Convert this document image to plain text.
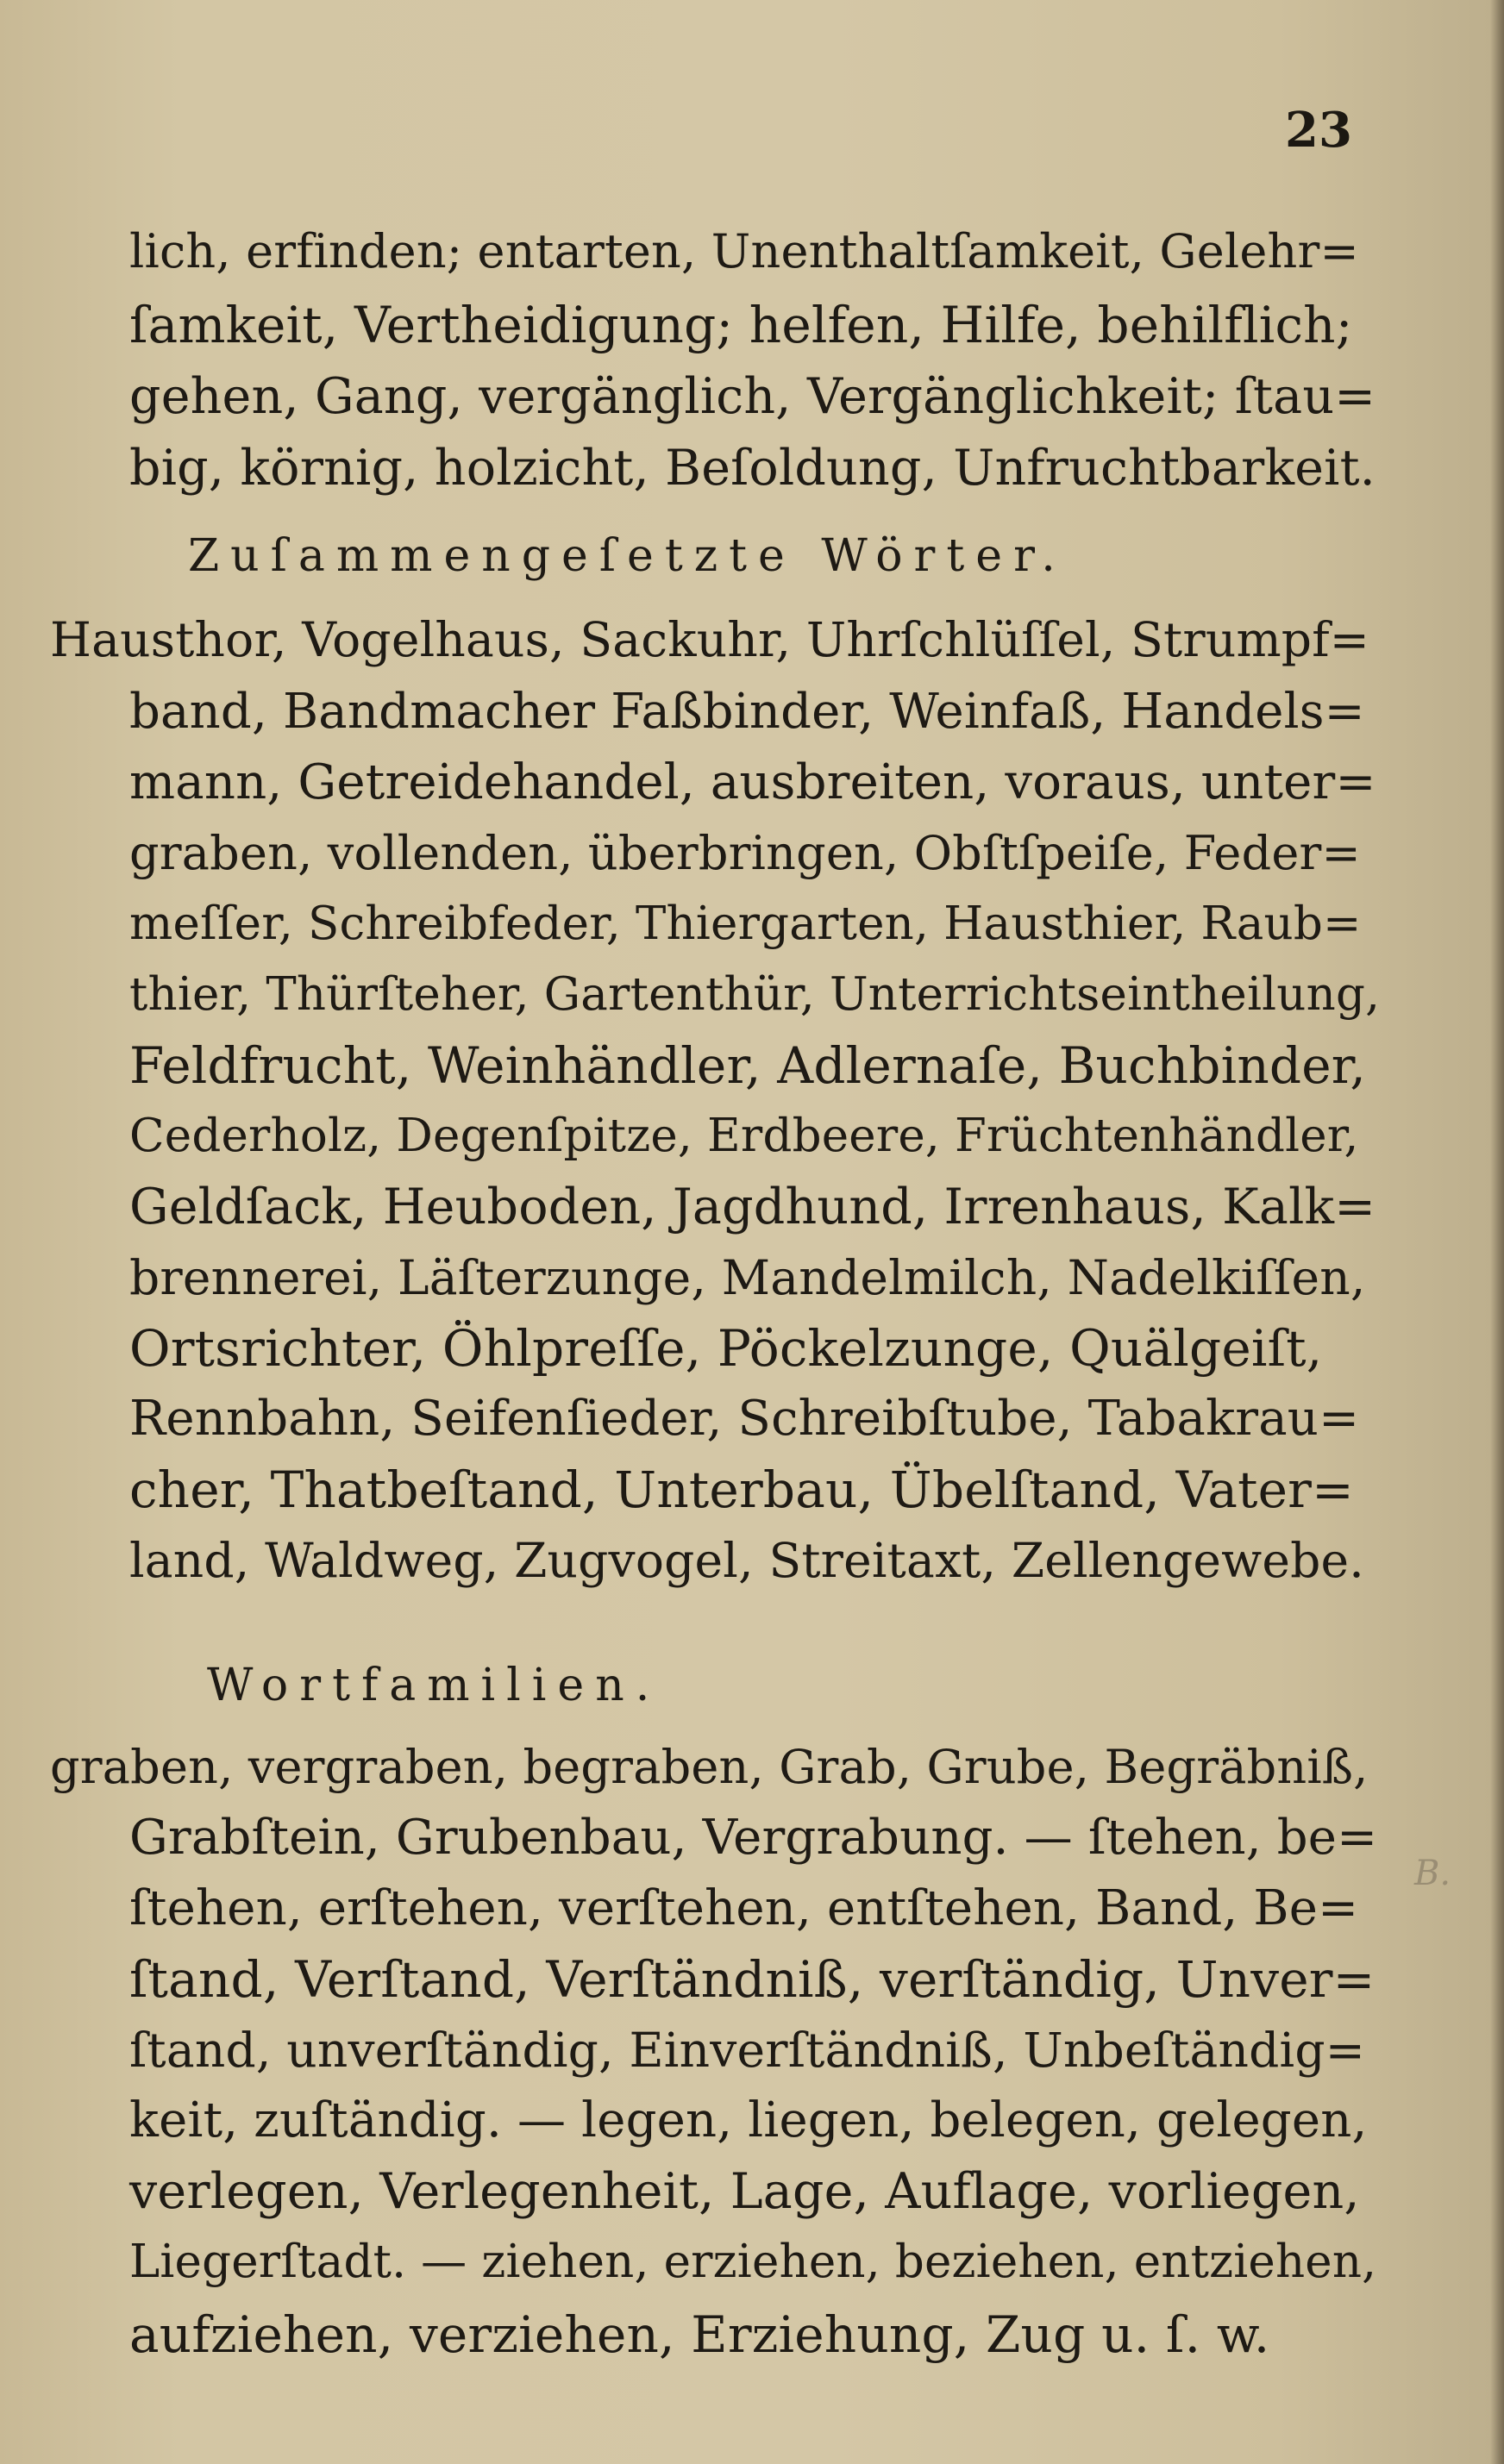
23

lich, erfinden; entarten, Unenthaltſamkeit, Gelehr=

ſamkeit, Vertheidigung; helfen, Hilfe, behilflich;

gehen, Gang, vergänglich, Vergänglichkeit; ſtau=

big, körnig, holzicht, Beſoldung, Unfruchtbarkeit.

Zuſammengeſetzte Wörter.

Hausthor, Vogelhaus, Sackuhr, Uhrſchlüſſel, Strumpf=

band, Bandmacher Faßbinder, Weinfaß, Handels=

mann, Getreidehandel, ausbreiten, voraus, unter=

graben, vollenden, überbringen, Obſtſpeiſe, Feder=

meſſer, Schreibfeder, Thiergarten, Hausthier, Raub=

thier, Thürſteher, Gartenthür, Unterrichtseintheilung,

Feldfrucht, Weinhändler, Adlernaſe, Buchbinder,

Cederholz, Degenſpitze, Erdbeere, Früchtenhändler,

Geldſack, Heuboden, Jagdhund, Irrenhaus, Kalk=

brennerei, Läſterzunge, Mandelmilch, Nadelkiſſen,

Ortsrichter, Öhlpreſſe, Pöckelzunge, Quälgeiſt,

Rennbahn, Seifenſieder, Schreibſtube, Tabakrau=

cher, Thatbeſtand, Unterbau, Übelſtand, Vater=

land, Waldweg, Zugvogel, Streitaxt, Zellengewebe.

Wortfamilien.

graben, vergraben, begraben, Grab, Grube, Begräbniß,

Grabſtein, Grubenbau, Vergrabung. — ſtehen, be=

ſtehen, erſtehen, verſtehen, entſtehen, Band, Be=

ſtand, Verſtand, Verſtändniß, verſtändig, Unver=

ſtand, unverſtändig, Einverſtändniß, Unbeſtändig=

keit, zuſtändig. — legen, liegen, belegen, gelegen,

verlegen, Verlegenheit, Lage, Auflage, vorliegen,

Liegerſtadt. — ziehen, erziehen, beziehen, entziehen,

aufziehen, verziehen, Erziehung, Zug u. ſ. w.

B.
